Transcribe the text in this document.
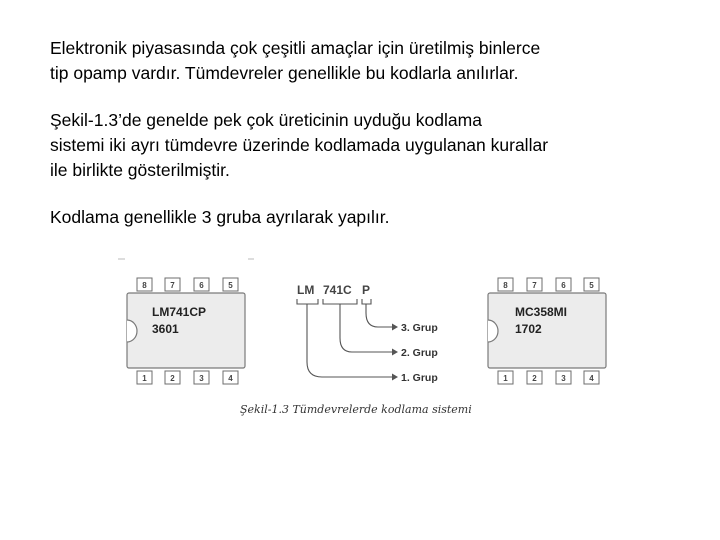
Elektronik piyasasında çok çeşitli amaçlar için üretilmiş binlerce
tip opamp vardır. Tümdevreler genellikle bu kodlarla anılırlar.
Şekil-1.3’de genelde pek çok üreticinin uyduğu kodlama
sistemi iki ayrı tümdevre üzerinde kodlamada uygulanan kurallar
ile birlikte gösterilmiştir.
Kodlama genellikle 3 gruba ayrılarak yapılır.
8	7	6	5
LM741CP
3601
1	2	3	4
LM 741C P
3. Grup
2. Grup
1. Grup
8	7	6	5
MC358MI
1702
1	2	3	4
Şekil-1.3 Tümdevrelerde kodlama sistemi
